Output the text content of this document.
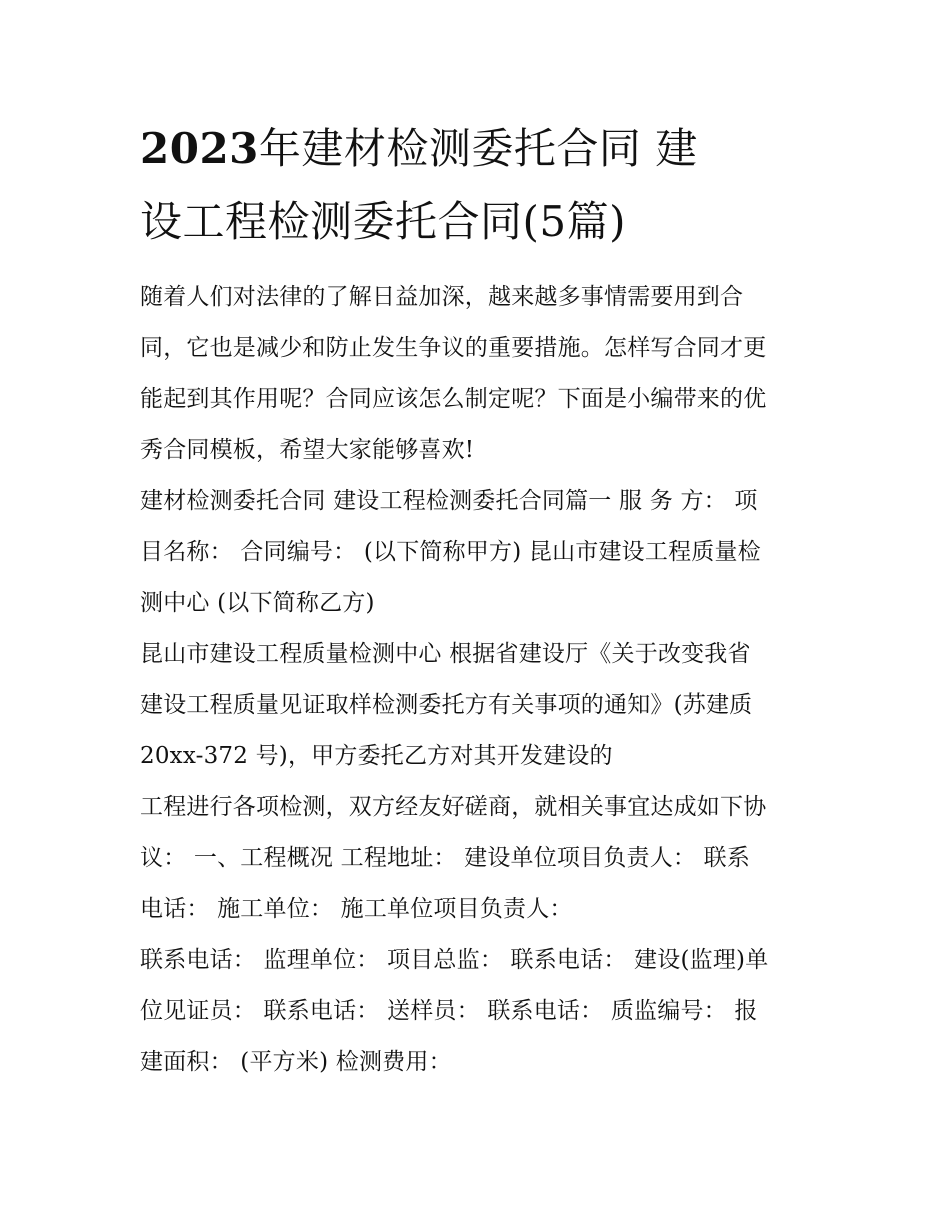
2023年建材检测委托合同 建
设工程检测委托合同(5篇)

随着人们对法律的了解日益加深，越来越多事情需要用到合
同，它也是减少和防止发生争议的重要措施。怎样写合同才更
能起到其作用呢？合同应该怎么制定呢？下面是小编带来的优
秀合同模板，希望大家能够喜欢!

建材检测委托合同 建设工程检测委托合同篇一 服 务 方： 项
目名称： 合同编号： (以下简称甲方) 昆山市建设工程质量检
测中心 (以下简称乙方)

昆山市建设工程质量检测中心 根据省建设厅《关于改变我省
建设工程质量见证取样检测委托方有关事项的通知》(苏建质
20xx-372 号)，甲方委托乙方对其开发建设的

工程进行各项检测，双方经友好磋商，就相关事宜达成如下协
议： 一、工程概况 工程地址： 建设单位项目负责人： 联系
电话： 施工单位： 施工单位项目负责人：

联系电话： 监理单位： 项目总监： 联系电话： 建设(监理)单
位见证员： 联系电话： 送样员： 联系电话： 质监编号： 报
建面积： (平方米) 检测费用：
